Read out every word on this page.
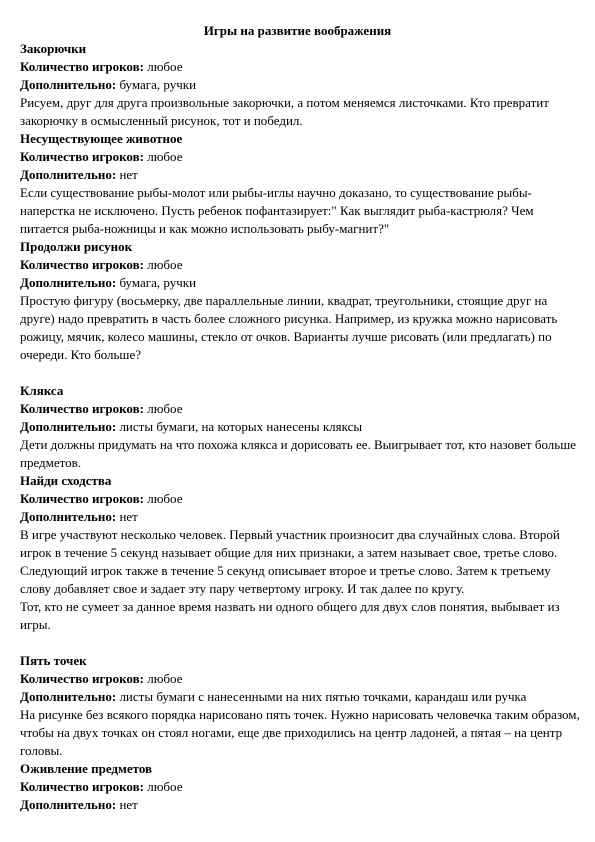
Игры на развитие воображения
Закорючки
Количество игроков: любое
Дополнительно: бумага, ручки
Рисуем, друг для друга произвольные закорючки, а потом меняемся листочками. Кто превратит закорючку в осмысленный рисунок, тот и победил.
Несуществующее животное
Количество игроков: любое
Дополнительно: нет
Если существование рыбы-молот или рыбы-иглы научно доказано, то существование рыбы-наперстка не исключено. Пусть ребенок пофантазирует:" Как выглядит рыба-кастрюля? Чем питается рыба-ножницы и как можно использовать рыбу-магнит?"
Продолжи рисунок
Количество игроков: любое
Дополнительно: бумага, ручки
Простую фигуру (восьмерку, две параллельные линии, квадрат, треугольники, стоящие друг на друге) надо превратить в часть более сложного рисунка. Например, из кружка можно нарисовать рожицу, мячик, колесо машины, стекло от очков. Варианты лучше рисовать (или предлагать) по очереди. Кто больше?
Клякса
Количество игроков: любое
Дополнительно: листы бумаги, на которых нанесены кляксы
Дети должны придумать на что похожа клякса и дорисовать ее. Выигрывает тот, кто назовет больше предметов.
Найди сходства
Количество игроков: любое
Дополнительно: нет
В игре участвуют несколько человек. Первый участник произносит два случайных слова. Второй игрок в течение 5 секунд называет общие для них признаки, а затем называет свое, третье слово. Следующий игрок также в течение 5 секунд описывает второе и третье слово. Затем к третьему слову добавляет свое и задает эту пару четвертому игроку. И так далее по кругу.
Тот, кто не сумеет за данное время назвать ни одного общего для двух слов понятия, выбывает из игры.
Пять точек
Количество игроков: любое
Дополнительно: листы бумаги с нанесенными на них пятью точками, карандаш или ручка
На рисунке без всякого порядка нарисовано пять точек. Нужно нарисовать человечка таким образом, чтобы на двух точках он стоял ногами, еще две приходились на центр ладоней, а пятая – на центр головы.
Оживление предметов
Количество игроков: любое
Дополнительно: нет
